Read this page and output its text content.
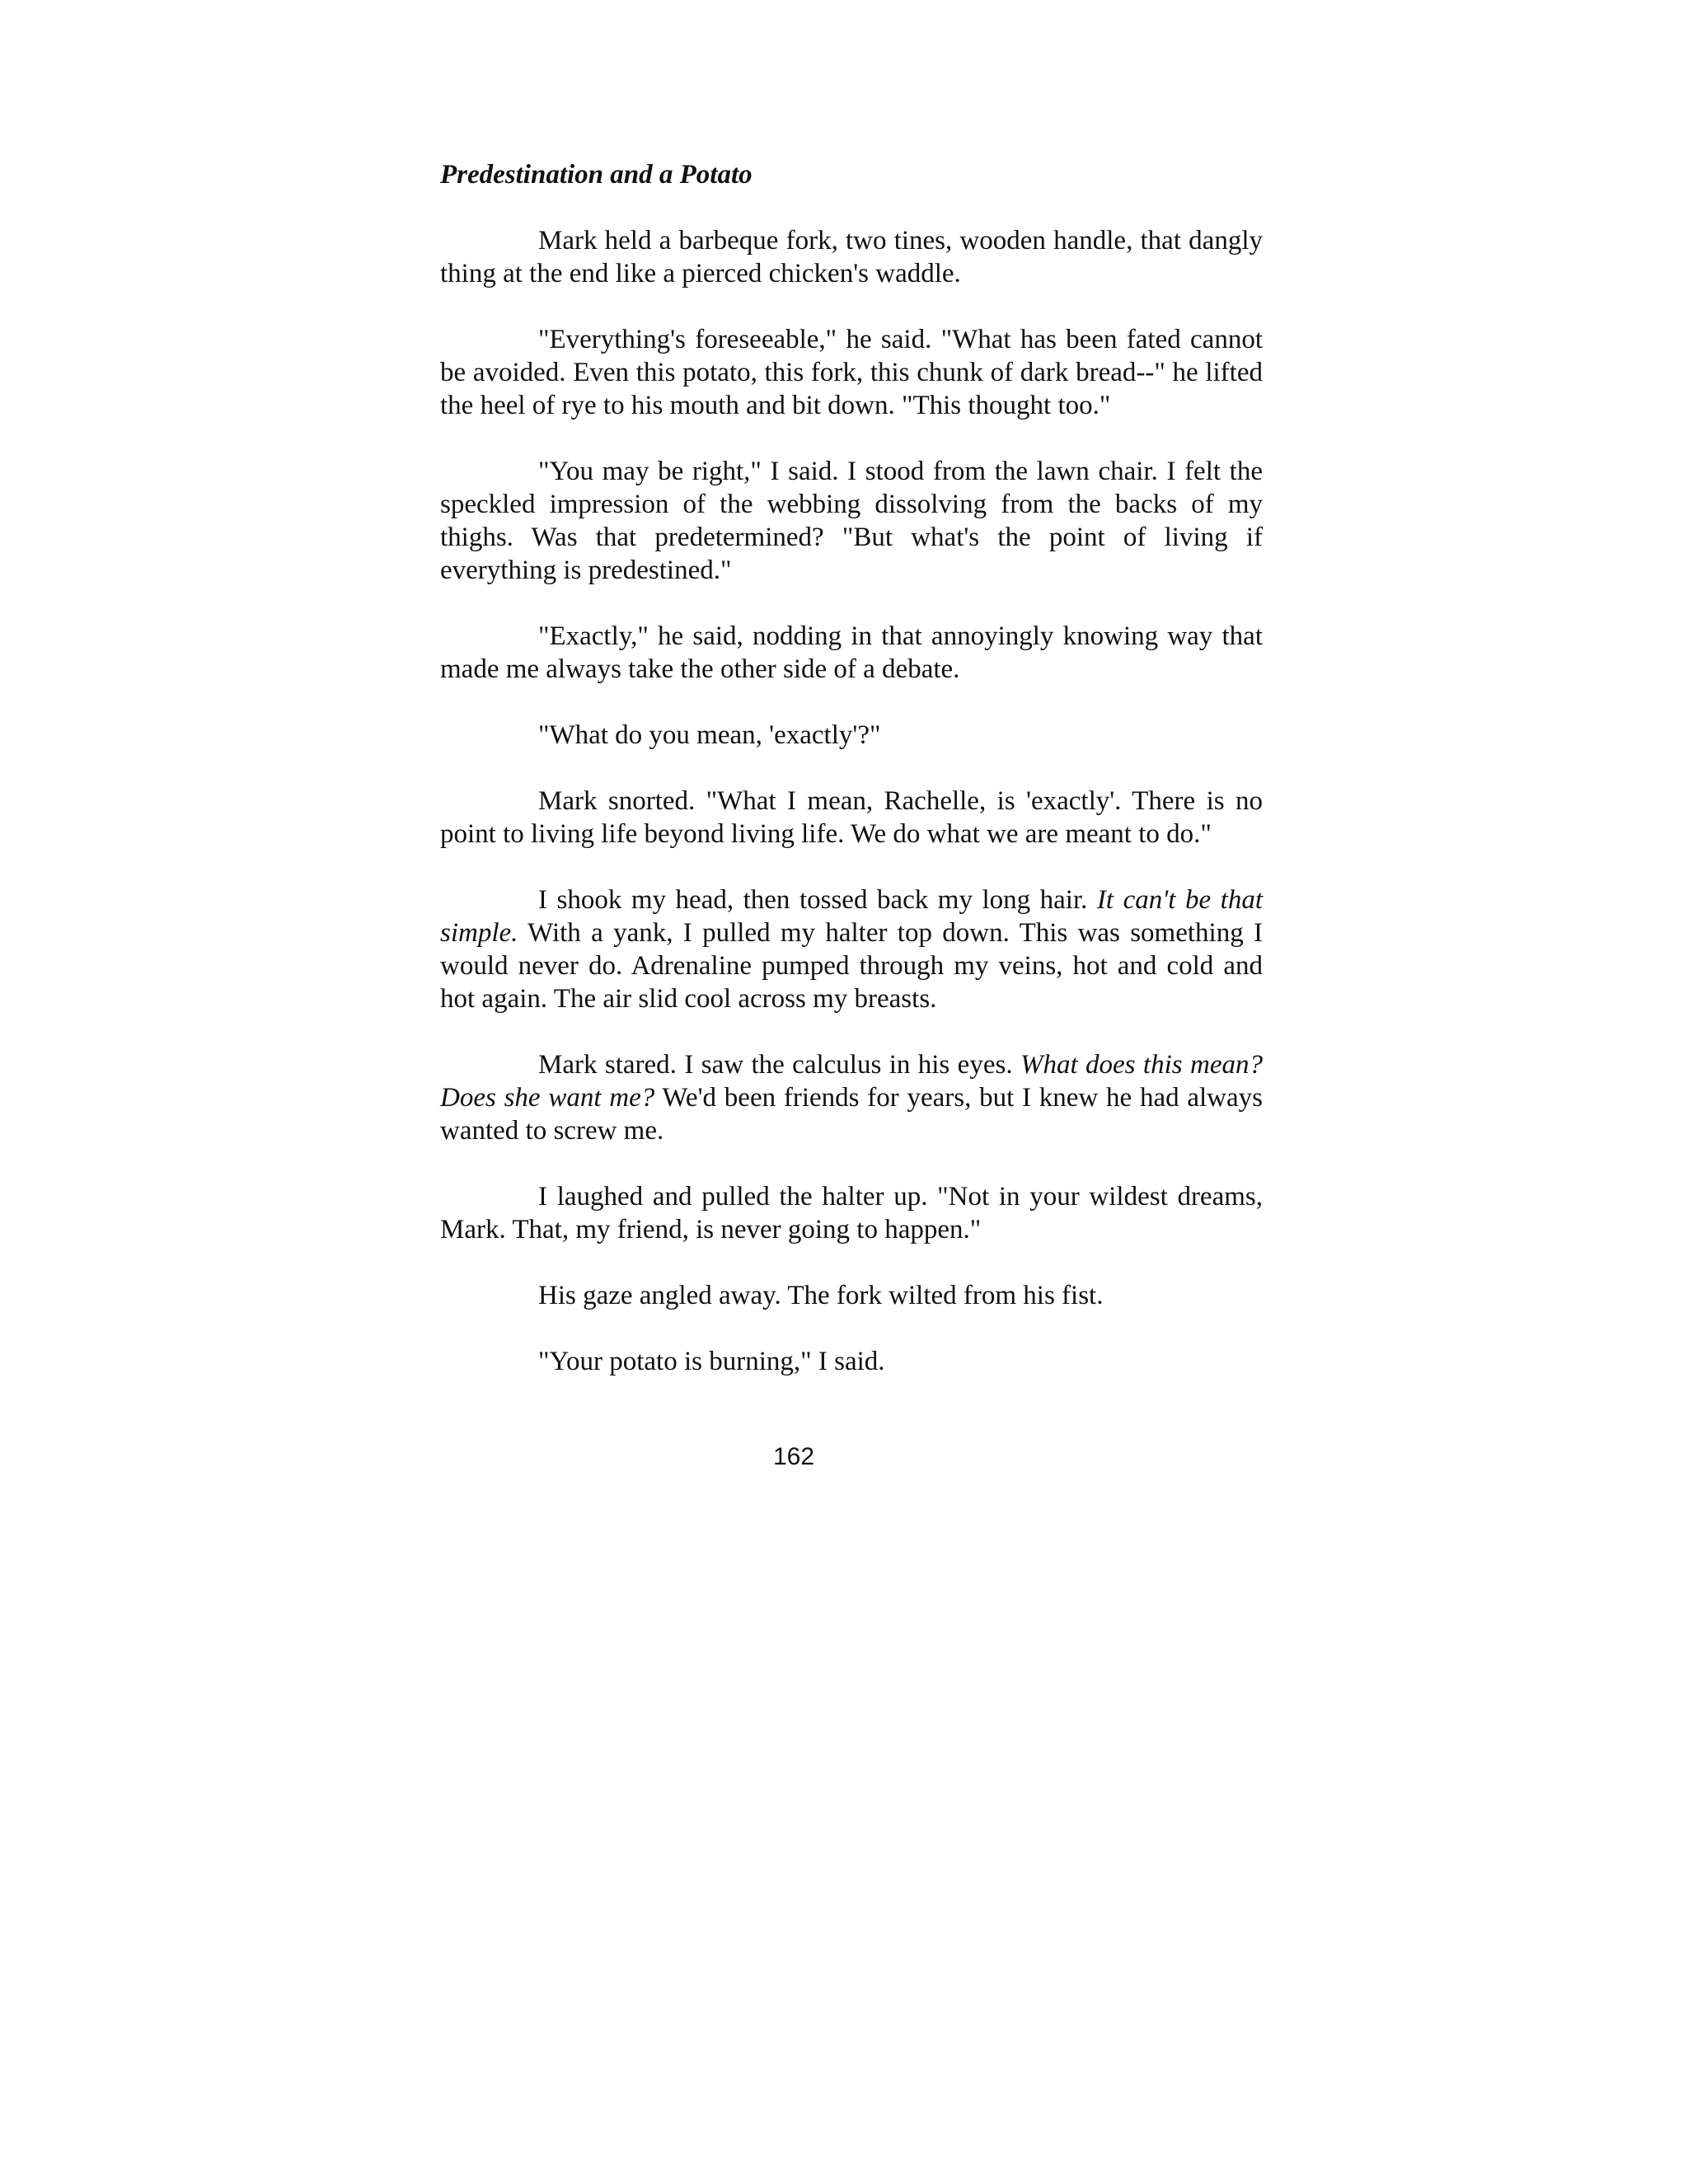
Predestination and a Potato

Mark held a barbeque fork, two tines, wooden handle, that dangly thing at the end like a pierced chicken's waddle.

"Everything's foreseeable," he said. "What has been fated cannot be avoided. Even this potato, this fork, this chunk of dark bread--" he lifted the heel of rye to his mouth and bit down. "This thought too."

"You may be right," I said. I stood from the lawn chair. I felt the speckled impression of the webbing dissolving from the backs of my thighs. Was that predetermined? "But what's the point of living if everything is predestined."

"Exactly," he said, nodding in that annoyingly knowing way that made me always take the other side of a debate.

"What do you mean, 'exactly'?"

Mark snorted. "What I mean, Rachelle, is 'exactly'. There is no point to living life beyond living life. We do what we are meant to do."

I shook my head, then tossed back my long hair. It can't be that simple. With a yank, I pulled my halter top down. This was something I would never do. Adrenaline pumped through my veins, hot and cold and hot again. The air slid cool across my breasts.

Mark stared. I saw the calculus in his eyes. What does this mean? Does she want me? We'd been friends for years, but I knew he had always wanted to screw me.

I laughed and pulled the halter up. "Not in your wildest dreams, Mark. That, my friend, is never going to happen."

His gaze angled away. The fork wilted from his fist.

"Your potato is burning," I said.

162
